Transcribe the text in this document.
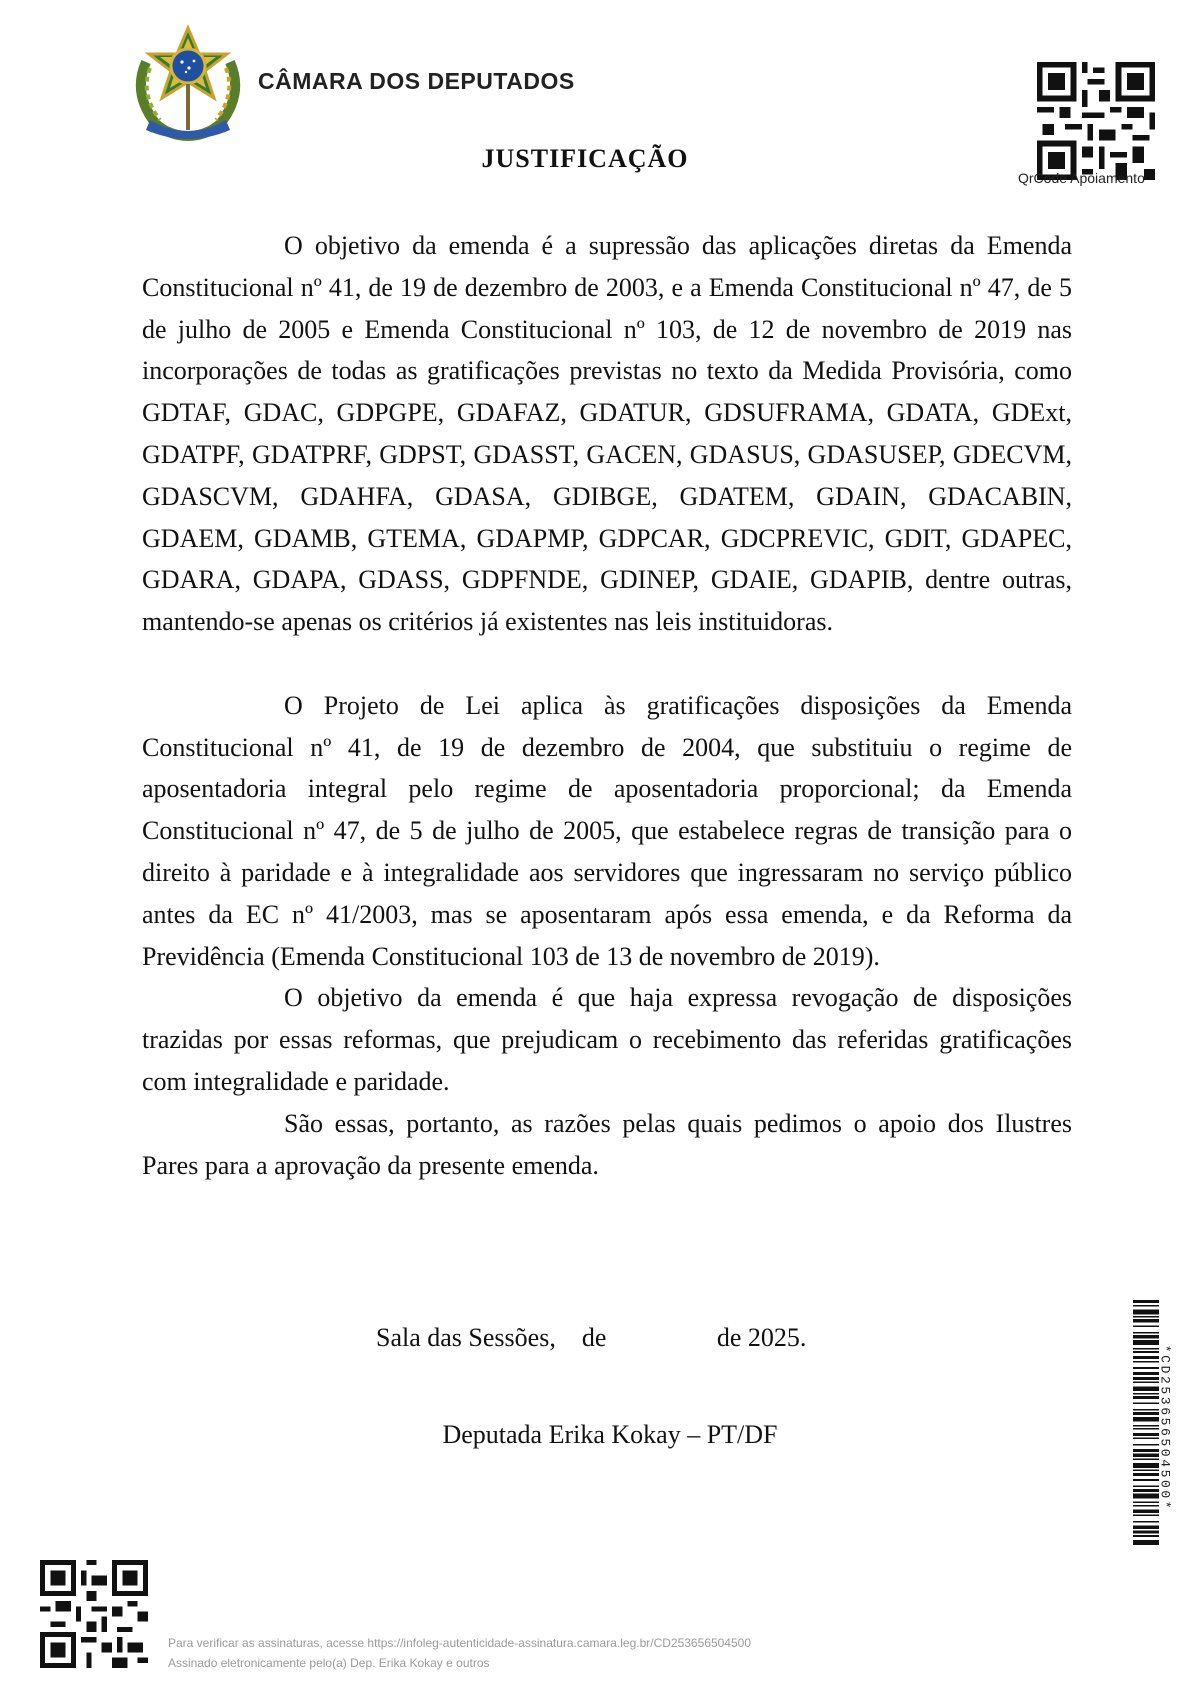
CÂMARA DOS DEPUTADOS
QrCode Apoiamento
JUSTIFICAÇÃO

O objetivo da emenda é a supressão das aplicações diretas da Emenda Constitucional nº 41, de 19 de dezembro de 2003, e a Emenda Constitucional nº 47, de 5 de julho de 2005 e Emenda Constitucional nº 103, de 12 de novembro de 2019 nas incorporações de todas as gratificações previstas no texto da Medida Provisória, como GDTAF, GDAC, GDPGPE, GDAFAZ, GDATUR, GDSUFRAMA, GDATA, GDExt, GDATPF, GDATPRF, GDPST, GDASST, GACEN, GDASUS, GDASUSEP, GDECVM, GDASCVM, GDAHFA, GDASA, GDIBGE, GDATEM, GDAIN, GDACABIN, GDAEM, GDAMB, GTEMA, GDAPMP, GDPCAR, GDCPREVIC, GDIT, GDAPEC, GDARA, GDAPA, GDASS, GDPFNDE, GDINEP, GDAIE, GDAPIB, dentre outras, mantendo-se apenas os critérios já existentes nas leis instituidoras.

O Projeto de Lei aplica às gratificações disposições da Emenda Constitucional nº 41, de 19 de dezembro de 2004, que substituiu o regime de aposentadoria integral pelo regime de aposentadoria proporcional; da Emenda Constitucional nº 47, de 5 de julho de 2005, que estabelece regras de transição para o direito à paridade e à integralidade aos servidores que ingressaram no serviço público antes da EC nº 41/2003, mas se aposentaram após essa emenda, e da Reforma da Previdência (Emenda Constitucional 103 de 13 de novembro de 2019).

O objetivo da emenda é que haja expressa revogação de disposições trazidas por essas reformas, que prejudicam o recebimento das referidas gratificações com integralidade e paridade.

São essas, portanto, as razões pelas quais pedimos o apoio dos Ilustres Pares para a aprovação da presente emenda.

Sala das Sessões,    de                 de 2025.
Deputada Erika Kokay – PT/DF	*CD253656504500*
Para verificar as assinaturas, acesse https://infoleg-autenticidade-assinatura.camara.leg.br/CD253656504500
Assinado eletronicamente pelo(a) Dep. Erika Kokay e outros
